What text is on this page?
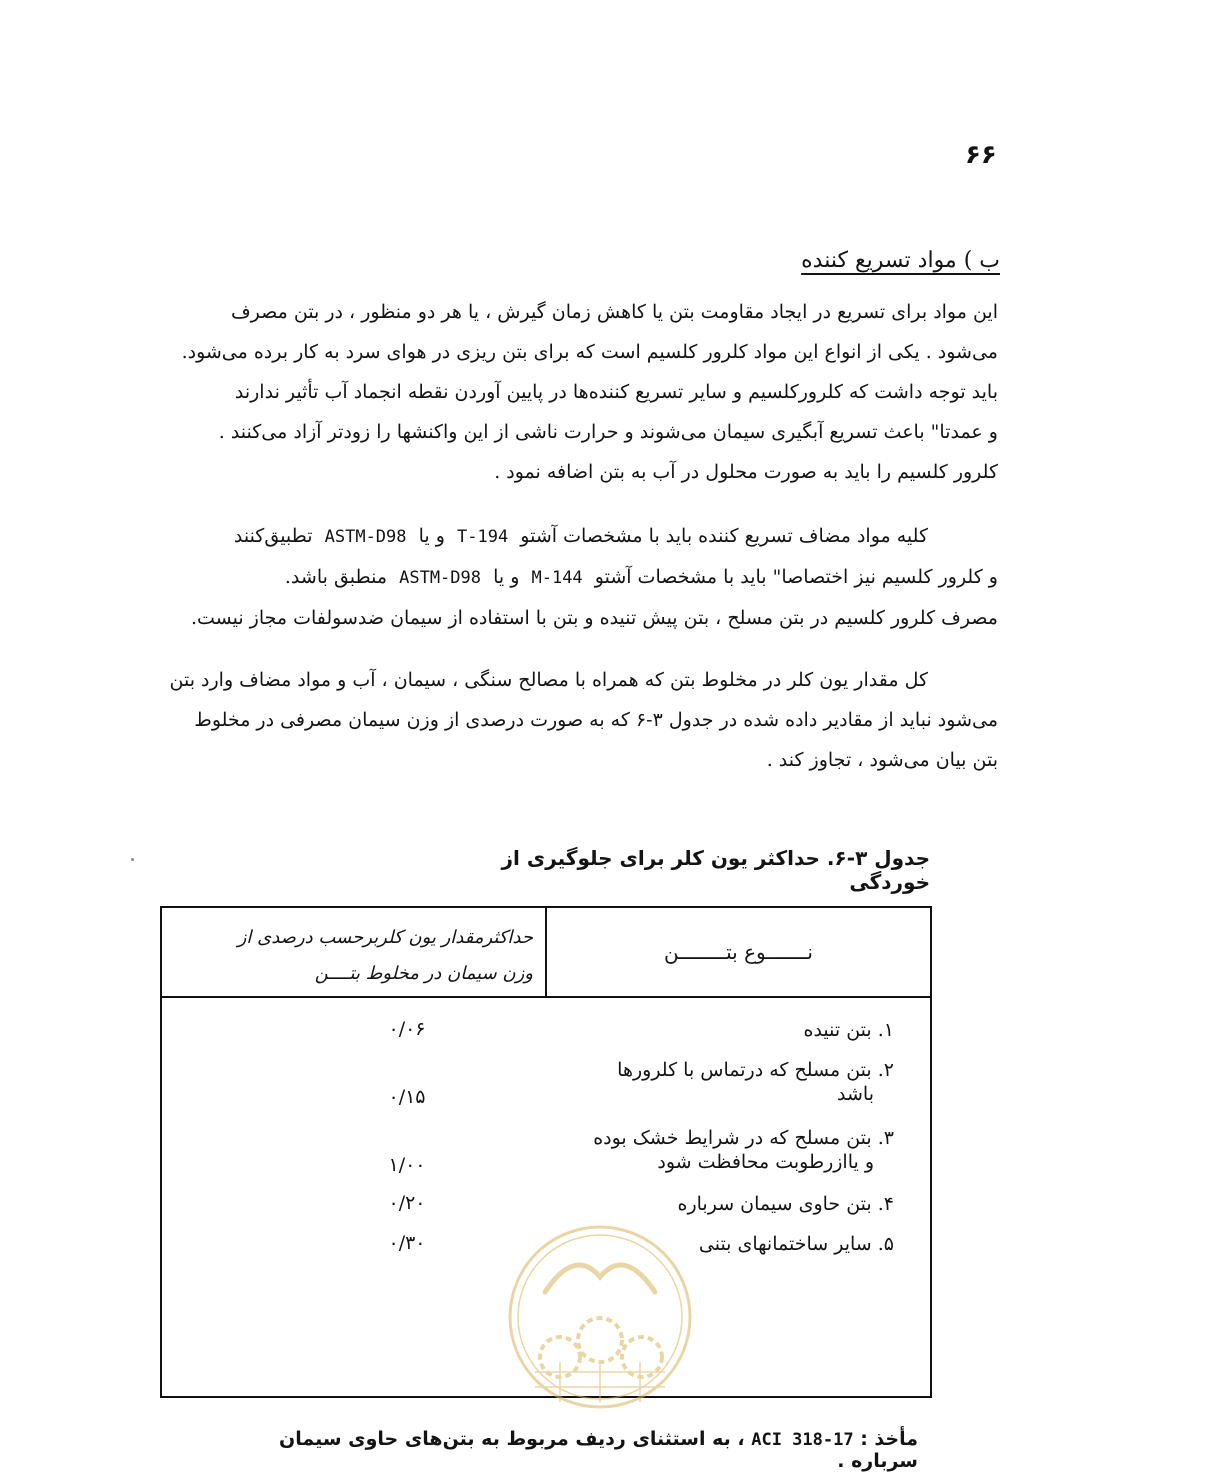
۶۶
ب ) مواد تسریع کننده
این مواد برای تسریع در ایجاد مقاومت بتن یا کاهش زمان گیرش ، یا هر دو منظور ، در بتن مصرف
می‌شود . یکی از انواع این مواد کلرور کلسیم است که برای بتن ریزی در هوای سرد به کار برده می‌شود.
باید توجه داشت که کلرورکلسیم و سایر تسریع کننده‌ها در پایین آوردن نقطه انجماد آب تأثیر ندارند
و عمدتا" باعث تسریع آبگیری سیمان می‌شوند و حرارت ناشی از این واکنشها را زودتر آزاد می‌کنند .
کلرور کلسیم را باید به صورت محلول در آب به بتن اضافه نمود .
کلیه مواد مضاف تسریع کننده باید با مشخصات آشتو  T-194  و یا  ASTM-D98  تطبیق‌کنند
و کلرور کلسیم نیز اختصاصا" باید با مشخصات آشتو  M-144  و یا  ASTM-D98  منطبق باشد.
مصرف کلرور کلسیم در بتن مسلح ، بتن پیش تنیده و بتن با استفاده از سیمان ضدسولفات مجاز نیست.
کل مقدار یون کلر در مخلوط بتن که همراه با مصالح سنگی ، سیمان ، آب و مواد مضاف وارد بتن
می‌شود نباید از مقادیر داده شده در جدول ۳-۶ که به صورت درصدی از وزن سیمان مصرفی در مخلوط
بتن بیان می‌شود ، تجاوز کند .
جدول ۳-۶. حداکثر یون کلر برای جلوگیری از خوردگی
نـــــــوع بتــــــــن
حداکثرمقدار یون کلربرحسب درصدی از
وزن سیمان در مخلوط بتــــن
۱. بتن تنیده
۰/۰۶
۲. بتن مسلح که درتماس با کلرورها
باشد
۰/۱۵
۳. بتن مسلح که در شرایط خشک بوده
و یاازرطوبت محافظت شود
۱/۰۰
۴. بتن حاوی سیمان سرباره
۰/۲۰
۵. سایر ساختمانهای بتنی
۰/۳۰
مأخذ : ACI 318-17 ، به استثنای ردیف مربوط به بتن‌های حاوی سیمان سرباره .
